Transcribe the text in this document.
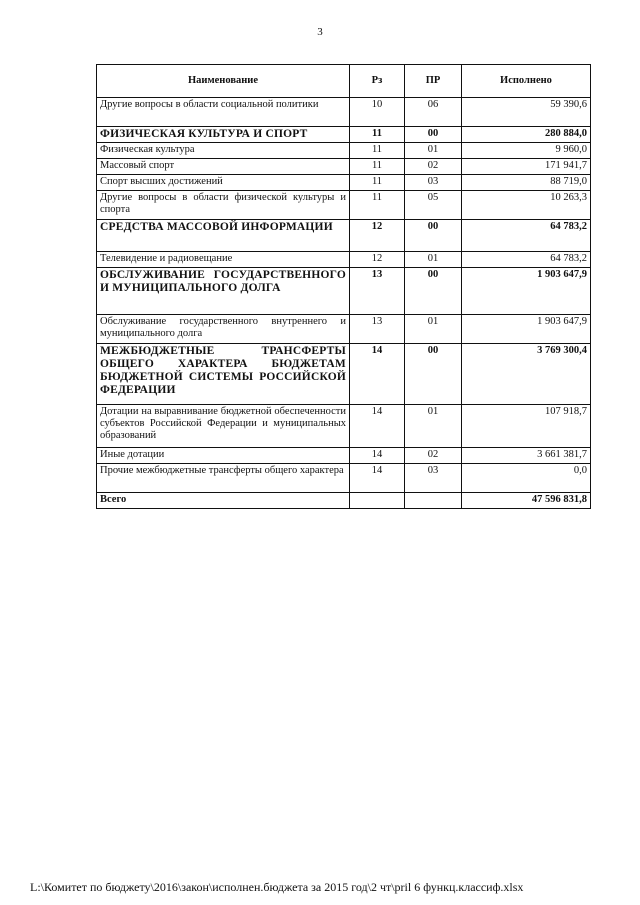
3
Наименование	Рз	ПР	Исполнено
Другие вопросы в области социальной политики	10	06	59 390,6
ФИЗИЧЕСКАЯ КУЛЬТУРА И СПОРТ	11	00	280 884,0
Физическая культура	11	01	9 960,0
Массовый спорт	11	02	171 941,7
Спорт высших достижений	11	03	88 719,0
Другие вопросы в области физической культуры и спорта	11	05	10 263,3
СРЕДСТВА МАССОВОЙ ИНФОРМАЦИИ	12	00	64 783,2
Телевидение и радиовещание	12	01	64 783,2
ОБСЛУЖИВАНИЕ ГОСУДАРСТВЕННОГО И МУНИЦИПАЛЬНОГО ДОЛГА	13	00	1 903 647,9
Обслуживание государственного внутреннего и муниципального долга	13	01	1 903 647,9
МЕЖБЮДЖЕТНЫЕ ТРАНСФЕРТЫ ОБЩЕГО ХАРАКТЕРА БЮДЖЕТАМ БЮДЖЕТНОЙ СИСТЕМЫ РОССИЙСКОЙ ФЕДЕРАЦИИ	14	00	3 769 300,4
Дотации на выравнивание бюджетной обеспеченности субъектов Российской Федерации и муниципальных образований	14	01	107 918,7
Иные дотации	14	02	3 661 381,7
Прочие межбюджетные трансферты общего характера	14	03	0,0
Всего			47 596 831,8
L:\Комитет по бюджету\2016\закон\исполнен.бюджета за 2015 год\2 чт\pril 6 функц.классиф.xlsx
